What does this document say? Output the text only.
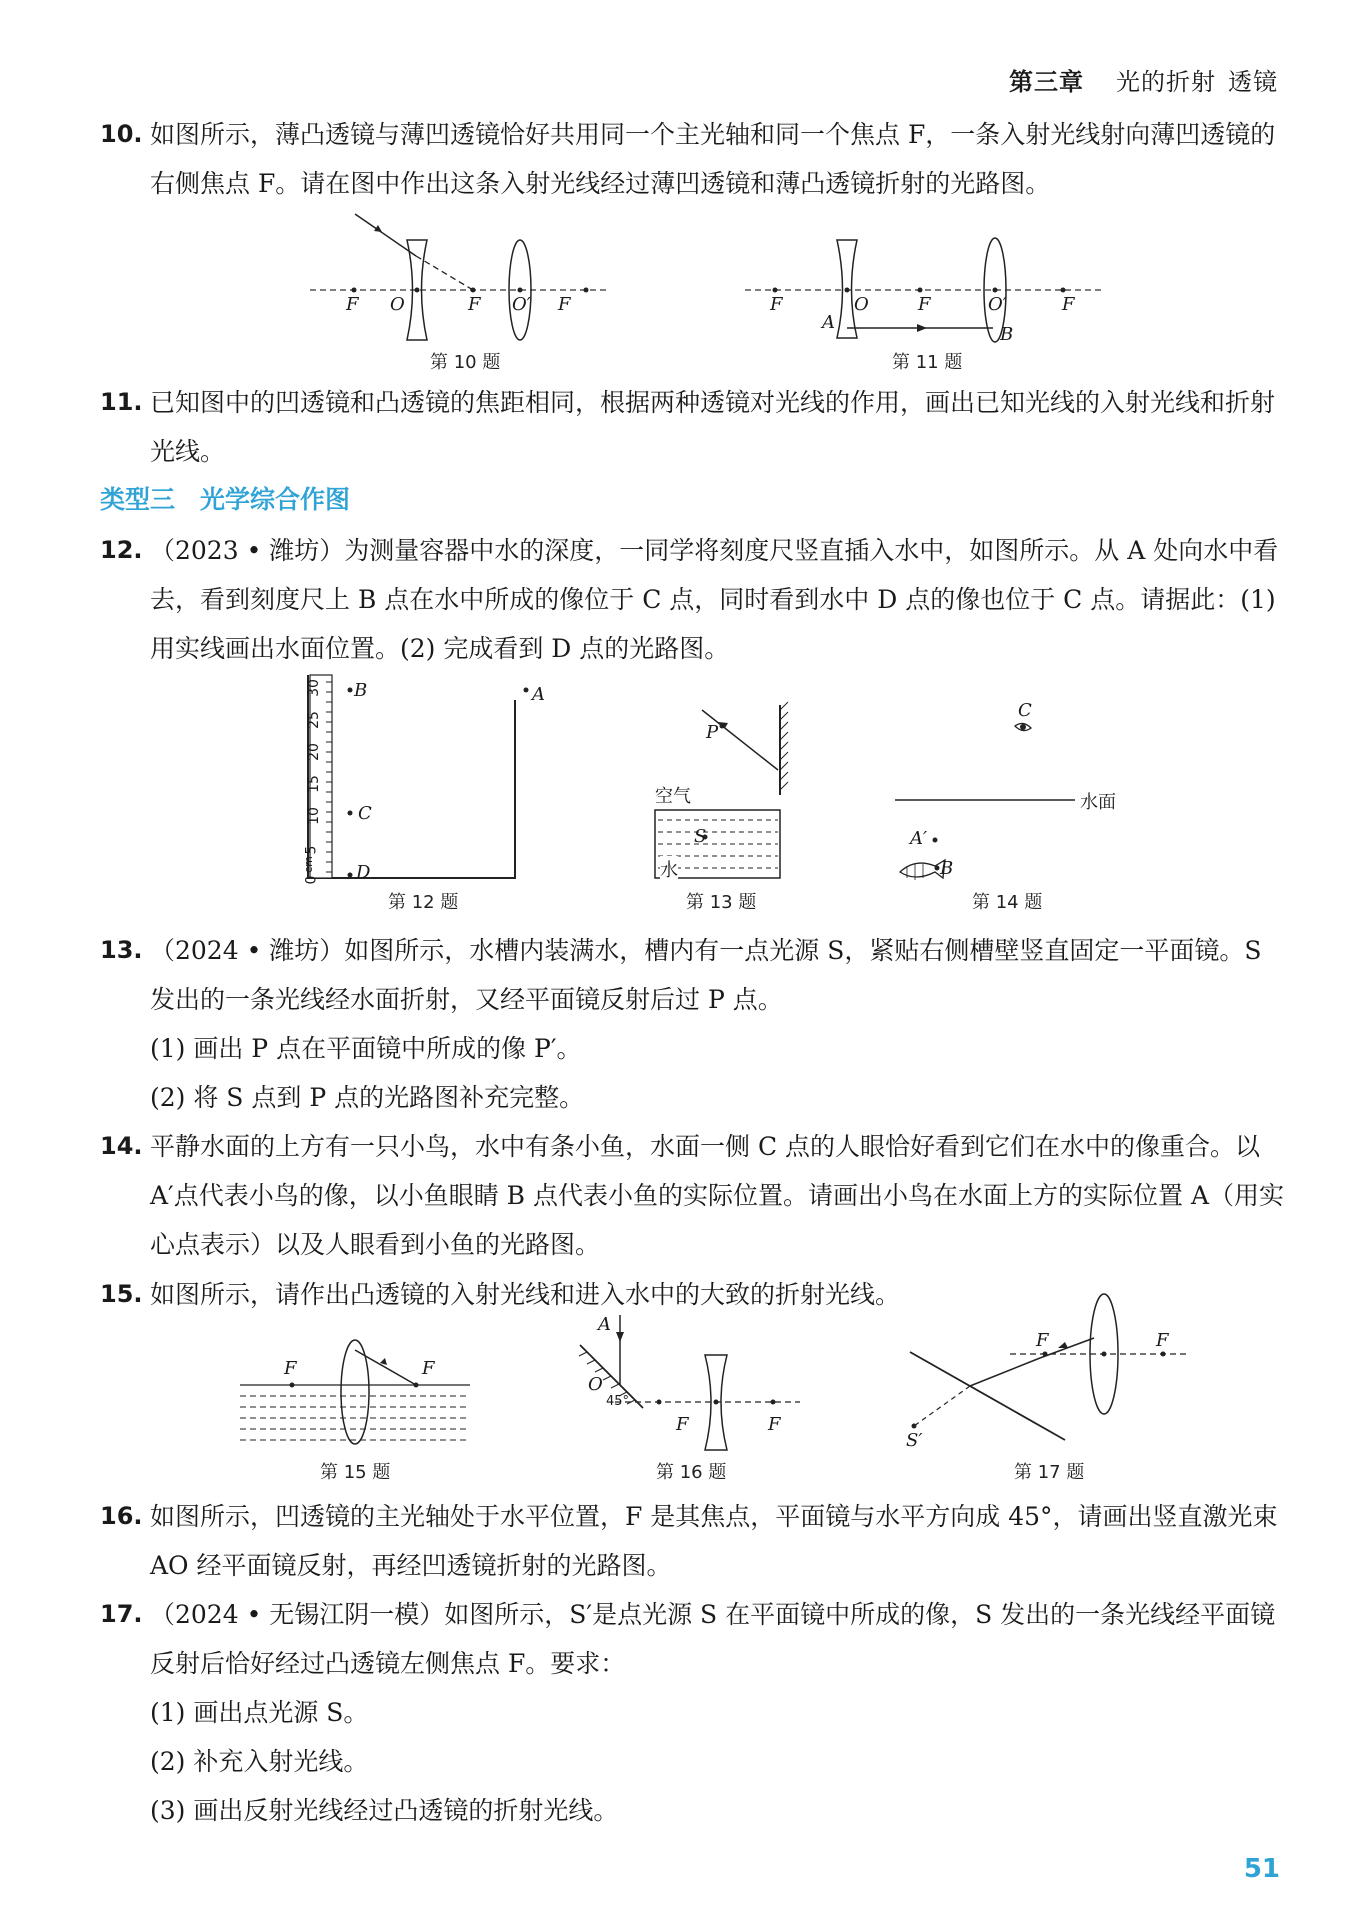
第三章 光的折射 透镜
10. 如图所示，薄凸透镜与薄凹透镜恰好共用同一个主光轴和同一个焦点 F，一条入射光线射向薄凹透镜的右侧焦点 F。请在图中作出这条入射光线经过薄凹透镜和薄凸透镜折射的光路图。
F O	F O′ F
第 10 题
F	O	F	O′	F
A
B
第 11 题
11. 已知图中的凹透镜和凸透镜的焦距相同，根据两种透镜对光线的作用，画出已知光线的入射光线和折射光线。
类型三　光学综合作图
12. （2023 • 潍坊）为测量容器中水的深度，一同学将刻度尺竖直插入水中，如图所示。从 A 处向水中看去，看到刻度尺上 B 点在水中所成的像位于 C 点，同时看到水中 D 点的像也位于 C 点。请据此：(1) 用实线画出水面位置。(2) 完成看到 D 点的光路图。
30
25
20
15
10
5
cm
0
B
C
D
A
第 12 题
P
空气
S
水
第 13 题
C
水面
A′
B
第 14 题
13. （2024 • 潍坊）如图所示，水槽内装满水，槽内有一点光源 S，紧贴右侧槽壁竖直固定一平面镜。S 发出的一条光线经水面折射，又经平面镜反射后过 P 点。
(1) 画出 P 点在平面镜中所成的像 P′。
(2) 将 S 点到 P 点的光路图补充完整。
14. 平静水面的上方有一只小鸟，水中有条小鱼，水面一侧 C 点的人眼恰好看到它们在水中的像重合。以 A′点代表小鸟的像，以小鱼眼睛 B 点代表小鱼的实际位置。请画出小鸟在水面上方的实际位置 A（用实心点表示）以及人眼看到小鱼的光路图。
15. 如图所示，请作出凸透镜的入射光线和进入水中的大致的折射光线。
F	F
第 15 题
A
O
45°
F	F
第 16 题
F	F
S′
第 17 题
16. 如图所示，凹透镜的主光轴处于水平位置，F 是其焦点，平面镜与水平方向成 45°，请画出竖直激光束 AO 经平面镜反射，再经凹透镜折射的光路图。
17. （2024 • 无锡江阴一模）如图所示，S′是点光源 S 在平面镜中所成的像，S 发出的一条光线经平面镜反射后恰好经过凸透镜左侧焦点 F。要求：
(1) 画出点光源 S。
(2) 补充入射光线。
(3) 画出反射光线经过凸透镜的折射光线。
51
